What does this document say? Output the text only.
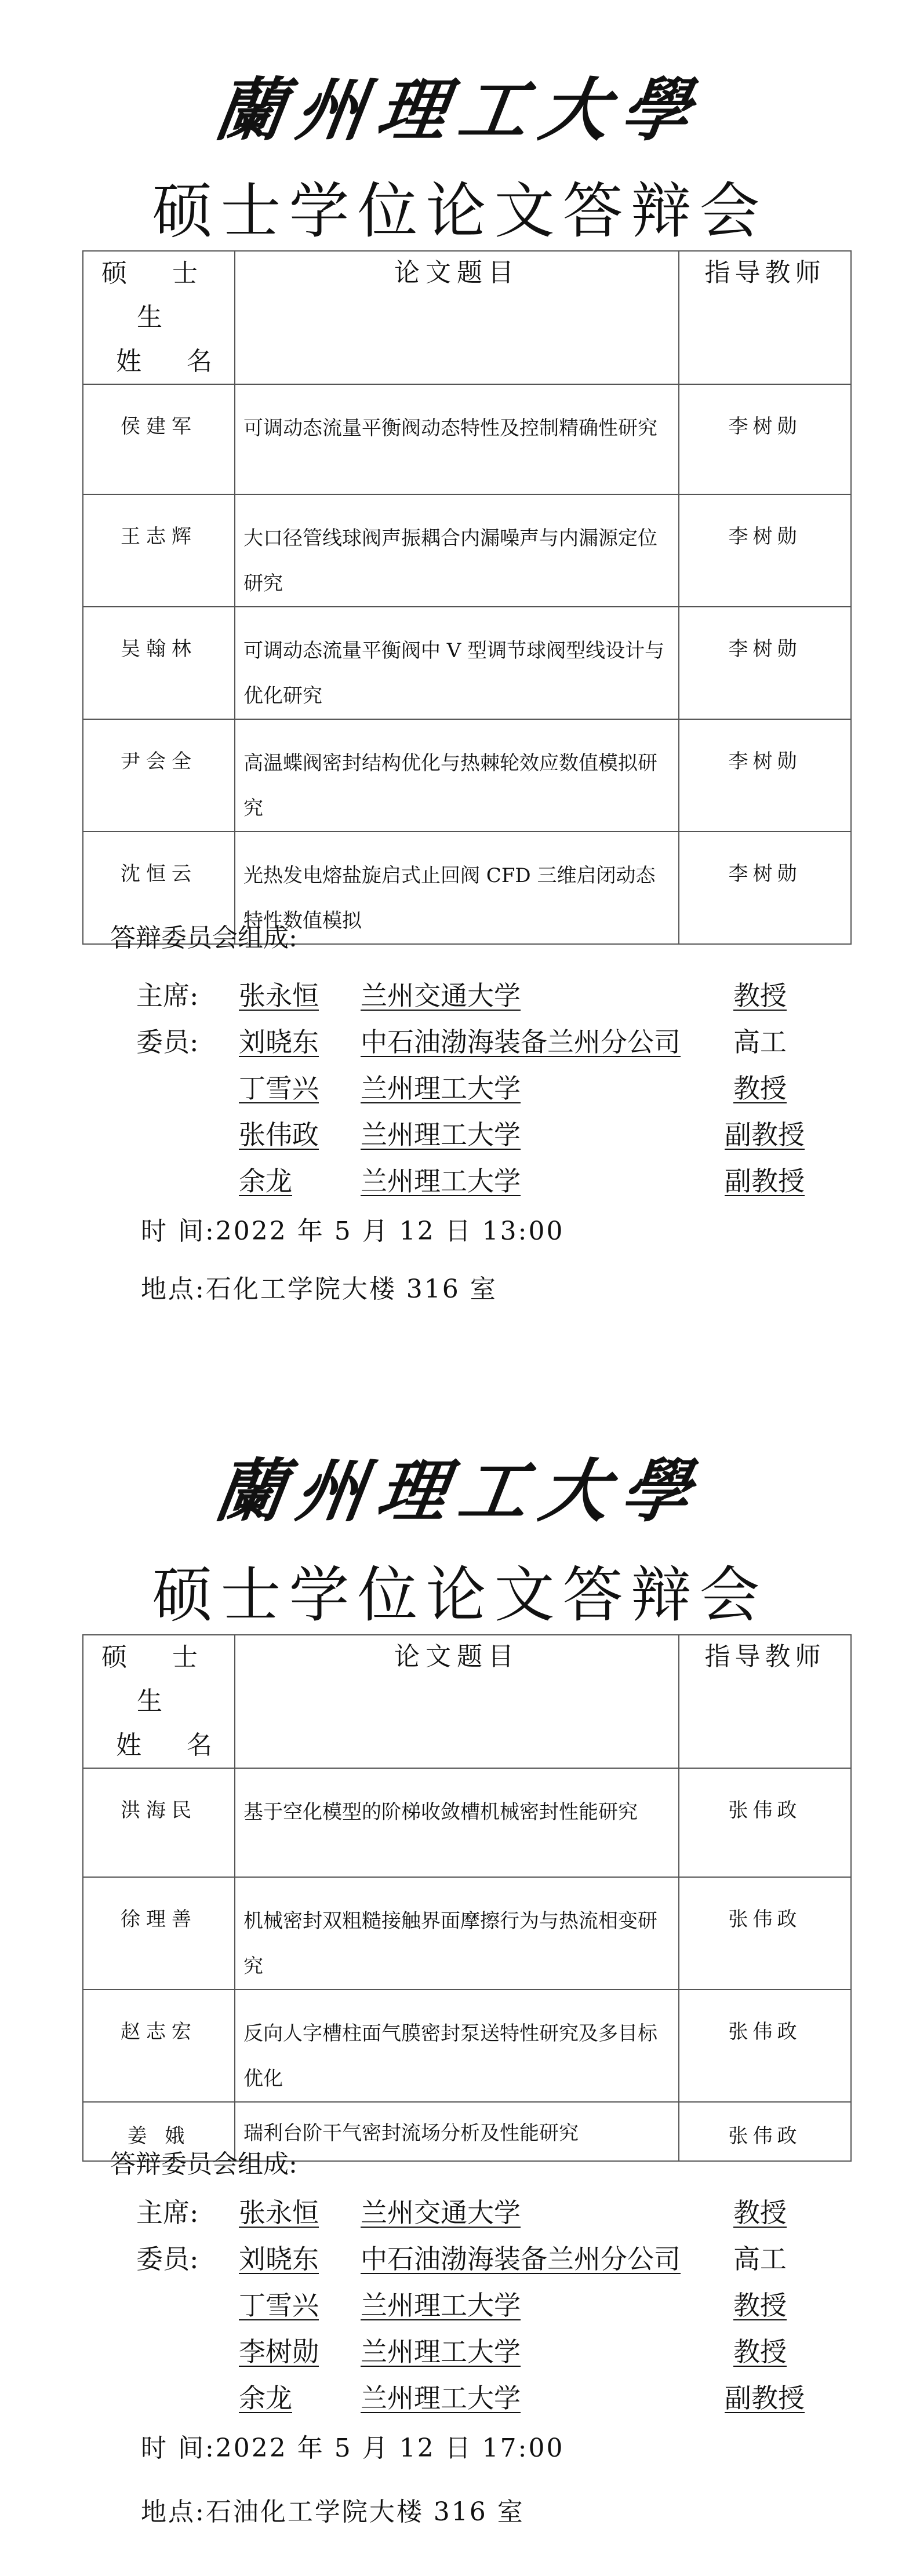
蘭州理工大學
硕士学位论文答辩会
硕 士 生
姓 名	论文题目	指导教师
侯建军	可调动态流量平衡阀动态特性及控制精确性研究	李树勋
王志辉	大口径管线球阀声振耦合内漏噪声与内漏源定位研究	李树勋
吴翰林	可调动态流量平衡阀中 V 型调节球阀型线设计与优化研究	李树勋
尹会全	高温蝶阀密封结构优化与热棘轮效应数值模拟研究	李树勋
沈恒云	光热发电熔盐旋启式止回阀 CFD 三维启闭动态特性数值模拟	李树勋
答辩委员会组成:
主席: 张永恒 兰州交通大学	教授
委员: 刘晓东 中石油渤海装备兰州分公司 高工
丁雪兴 兰州理工大学	教授
张伟政 兰州理工大学	副教授
余龙	兰州理工大学	副教授
时 间:2022 年 5 月 12 日 13:00
地点:石化工学院大楼 316 室
蘭州理工大學
硕士学位论文答辩会
硕 士 生
姓 名	论文题目	指导教师
洪海民	基于空化模型的阶梯收敛槽机械密封性能研究	张伟政
徐理善	机械密封双粗糙接触界面摩擦行为与热流相变研究	张伟政
赵志宏	反向人字槽柱面气膜密封泵送特性研究及多目标优化	张伟政
姜 娥	瑞利台阶干气密封流场分析及性能研究	张伟政
答辩委员会组成:
主席: 张永恒 兰州交通大学	教授
委员: 刘晓东 中石油渤海装备兰州分公司 高工
丁雪兴 兰州理工大学	教授
李树勋 兰州理工大学	教授
余龙	兰州理工大学	副教授
时 间:2022 年 5 月 12 日 17:00
地点:石油化工学院大楼 316 室
